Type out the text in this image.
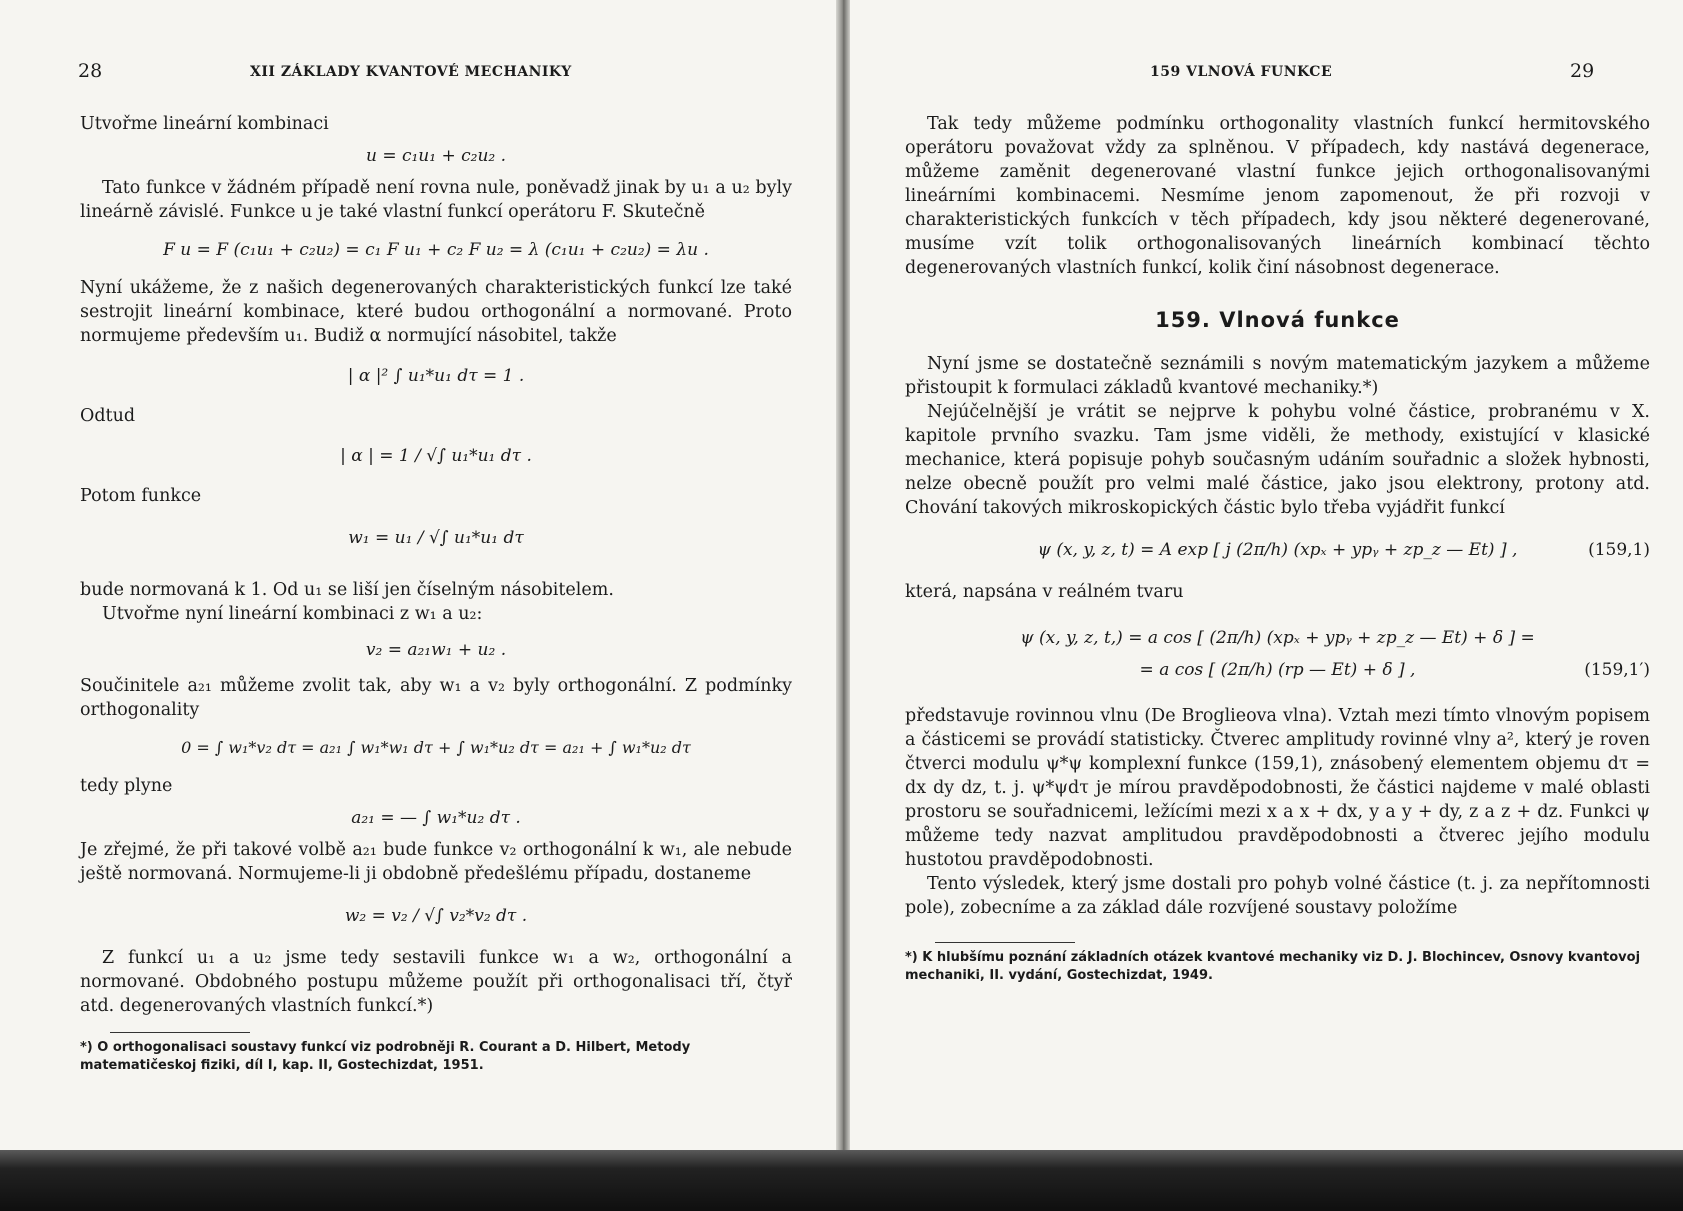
28	XII ZÁKLADY KVANTOVÉ MECHANIKY

Utvořme lineární kombinaci

u = c₁u₁ + c₂u₂ .

Tato funkce v žádném případě není rovna nule, poněvadž jinak by u₁ a u₂ byly lineárně závislé. Funkce u je také vlastní funkcí operátoru F. Skutečně

F u = F (c₁u₁ + c₂u₂) = c₁ F u₁ + c₂ F u₂ = λ (c₁u₁ + c₂u₂) = λu .

Nyní ukážeme, že z našich degenerovaných charakteristických funkcí lze také sestrojit lineární kombinace, které budou orthogonální a normované. Proto normujeme především u₁. Budiž α normující násobitel, takže

| α |² ∫ u₁*u₁ dτ = 1 .
Odtud
| α | = 1 / √∫ u₁*u₁ dτ .
Potom funkce
w₁ = u₁ / √∫ u₁*u₁ dτ

bude normovaná k 1. Od u₁ se liší jen číselným násobitelem.

Utvořme nyní lineární kombinaci z w₁ a u₂:

v₂ = a₂₁w₁ + u₂ .

Součinitele a₂₁ můžeme zvolit tak, aby w₁ a v₂ byly orthogonální. Z podmínky orthogonality

0 = ∫ w₁*v₂ dτ = a₂₁ ∫ w₁*w₁ dτ + ∫ w₁*u₂ dτ = a₂₁ + ∫ w₁*u₂ dτ
tedy plyne
a₂₁ = — ∫ w₁*u₂ dτ .

Je zřejmé, že při takové volbě a₂₁ bude funkce v₂ orthogonální k w₁, ale nebude ještě normovaná. Normujeme-li ji obdobně předešlému případu, dostaneme

w₂ = v₂ / √∫ v₂*v₂ dτ .

Z funkcí u₁ a u₂ jsme tedy sestavili funkce w₁ a w₂, orthogonální a normované. Obdobného postupu můžeme použít při orthogonalisaci tří, čtyř atd. degenerovaných vlastních funkcí.*)

*) O orthogonalisaci soustavy funkcí viz podrobněji R. Courant a D. Hilbert, Metody matematičeskoj fiziki, díl I, kap. II, Gostechizdat, 1951.
159 VLNOVÁ FUNKCE	29

Tak tedy můžeme podmínku orthogonality vlastních funkcí hermitovského operátoru považovat vždy za splněnou. V případech, kdy nastává degenerace, můžeme zaměnit degenerované vlastní funkce jejich orthogonalisovanými lineárními kombinacemi. Nesmíme jenom zapomenout, že při rozvoji v charakteristických funkcích v těch případech, kdy jsou některé degenerované, musíme vzít tolik orthogonalisovaných lineárních kombinací těchto degenerovaných vlastních funkcí, kolik činí násobnost degenerace.

159. Vlnová funkce

Nyní jsme se dostatečně seznámili s novým matematickým jazykem a můžeme přistoupit k formulaci základů kvantové mechaniky.*)

Nejúčelnější je vrátit se nejprve k pohybu volné částice, probranému v X. kapitole prvního svazku. Tam jsme viděli, že methody, existující v klasické mechanice, která popisuje pohyb současným udáním souřadnic a složek hybnosti, nelze obecně použít pro velmi malé částice, jako jsou elektrony, protony atd. Chování takových mikroskopických částic bylo třeba vyjádřit funkcí

ψ (x, y, z, t) = A exp [ j (2π/h) (xpₓ + ypᵧ + zp_z — Et) ] ,	(159,1)

která, napsána v reálném tvaru

ψ (x, y, z, t,) = a cos [ (2π/h) (xpₓ + ypᵧ + zp_z — Et) + δ ] =
= a cos [ (2π/h) (rp — Et) + δ ] ,	(159,1′)

představuje rovinnou vlnu (De Broglieova vlna). Vztah mezi tímto vlnovým popisem a částicemi se provádí statisticky. Čtverec amplitudy rovinné vlny a², který je roven čtverci modulu ψ*ψ komplexní funkce (159,1), znásobený elementem objemu dτ = dx dy dz, t. j. ψ*ψdτ je mírou pravděpodobnosti, že částici najdeme v malé oblasti prostoru se souřadnicemi, ležícími mezi x a x + dx, y a y + dy, z a z + dz. Funkci ψ můžeme tedy nazvat amplitudou pravděpodobnosti a čtverec jejího modulu hustotou pravděpodobnosti.

Tento výsledek, který jsme dostali pro pohyb volné částice (t. j. za nepřítomnosti pole), zobecníme a za základ dále rozvíjené soustavy položíme

*) K hlubšímu poznání základních otázek kvantové mechaniky viz D. J. Blochincev, Osnovy kvantovoj mechaniki, II. vydání, Gostechizdat, 1949.
